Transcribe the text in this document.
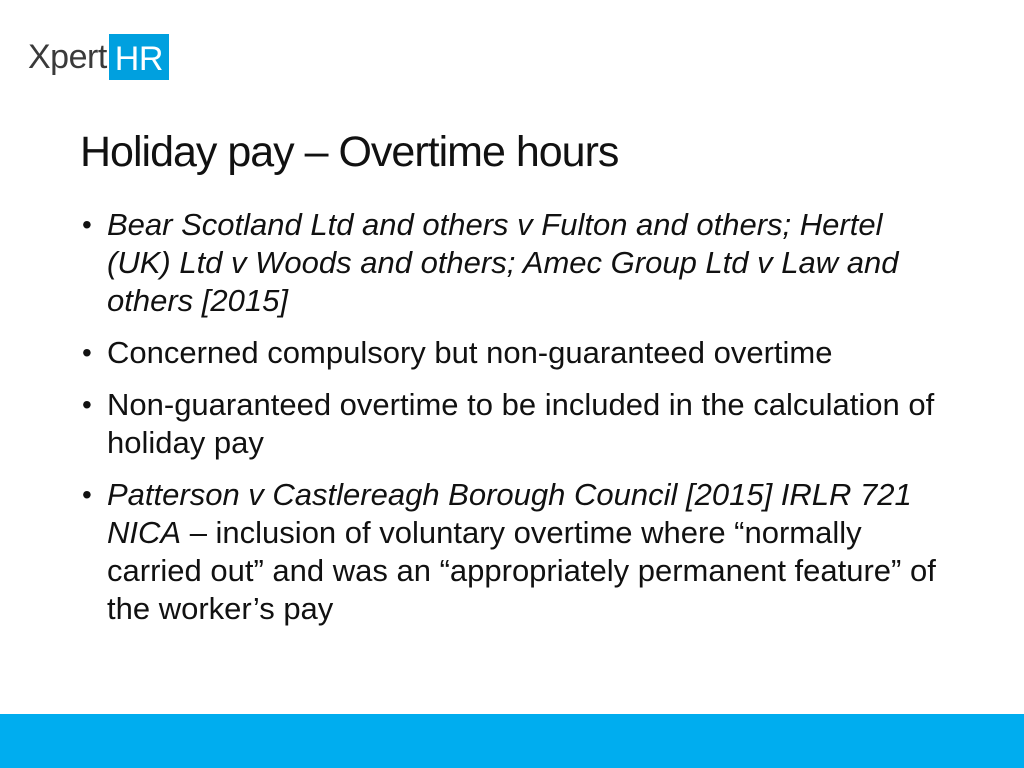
Xpert HR
Holiday pay – Overtime hours
• Bear Scotland Ltd and others v Fulton and others; Hertel (UK) Ltd v Woods and others; Amec Group Ltd v Law and others [2015]
• Concerned compulsory but non-guaranteed overtime
• Non-guaranteed overtime to be included in the calculation of holiday pay
• Patterson v Castlereagh Borough Council [2015] IRLR 721 NICA – inclusion of voluntary overtime where “normally carried out” and was an “appropriately permanent feature” of the worker’s pay
